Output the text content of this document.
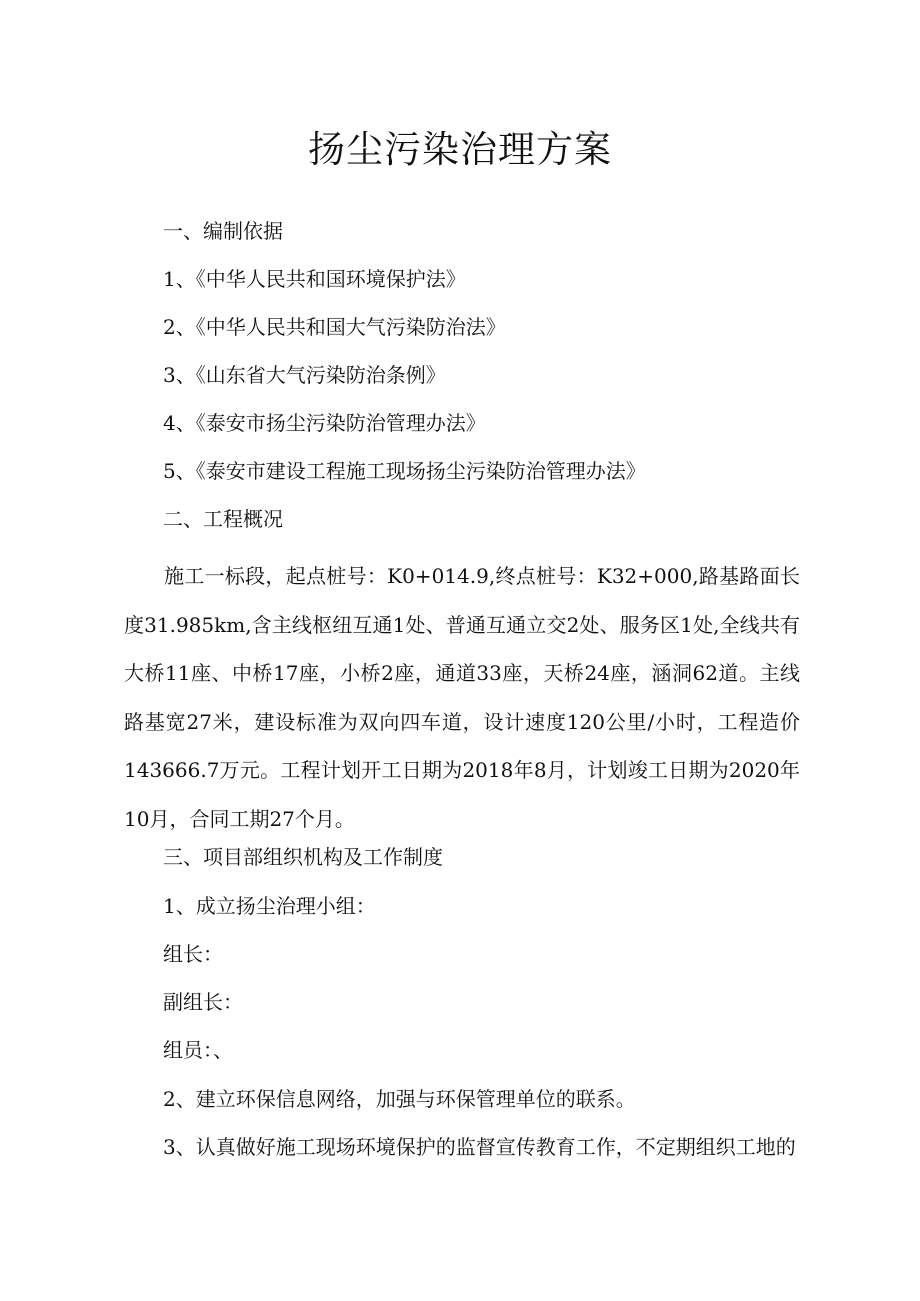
扬尘污染治理方案

一、编制依据

1、《中华人民共和国环境保护法》

2、《中华人民共和国大气污染防治法》

3、《山东省大气污染防治条例》

4、《泰安市扬尘污染防治管理办法》

5、《泰安市建设工程施工现场扬尘污染防治管理办法》

二、工程概况

施工一标段，起点桩号：K0+014.9,终点桩号：K32+000,路基路面长度31.985km,含主线枢纽互通1处、普通互通立交2处、服务区1处,全线共有大桥11座、中桥17座，小桥2座，通道33座，天桥24座，涵洞62道。主线路基宽27米，建设标准为双向四车道，设计速度120公里/小时，工程造价143666.7万元。工程计划开工日期为2018年8月，计划竣工日期为2020年10月，合同工期27个月。

三、项目部组织机构及工作制度

1、成立扬尘治理小组：

组长：

副组长：

组员：、

2、建立环保信息网络，加强与环保管理单位的联系。

3、认真做好施工现场环境保护的监督宣传教育工作，不定期组织工地的
